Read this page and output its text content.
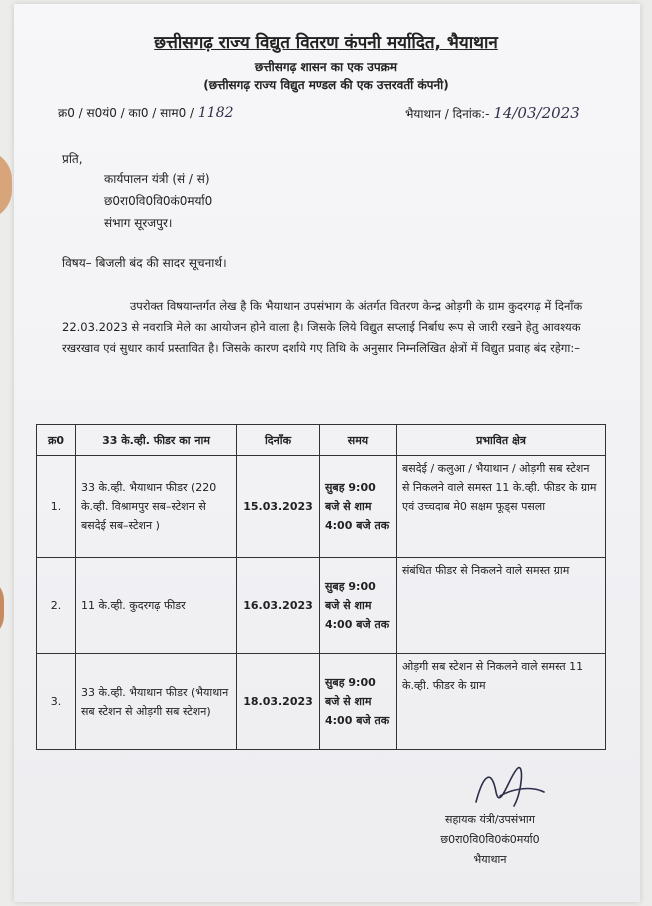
छत्तीसगढ़ राज्य विद्युत वितरण कंपनी मर्यादित, भैयाथान
छत्तीसगढ़ शासन का एक उपक्रम
(छत्तीसगढ़ राज्य विद्युत मण्डल की एक उत्तरवर्ती कंपनी)
क्र0 / स0यं0 / का0 / साम0 / 1182	भैयाथान / दिनांक:- 14/03/2023
प्रति,
कार्यपालन यंत्री (सं / सं)
छ0रा0वि0वि0कं0मर्या0
संभाग सूरजपुर।
विषय– बिजली बंद की सादर सूचनार्थ।

उपरोक्त विषयान्तर्गत लेख है कि भैयाथान उपसंभाग के अंतर्गत वितरण केन्द्र ओड़गी के ग्राम कुदरगढ़ में दिनाँक 22.03.2023 से नवरात्रि मेले का आयोजन होने वाला है। जिसके लिये विद्युत सप्लाई निर्बाध रूप से जारी रखने हेतु आवश्यक रखरखाव एवं सुधार कार्य प्रस्तावित है। जिसके कारण दर्शाये गए तिथि के अनुसार निम्नलिखित क्षेत्रों में विद्युत प्रवाह बंद रहेगा:–

क्र0	33 के.व्ही. फीडर का नाम	दिनाँक	समय	प्रभावित क्षेत्र
1.	33 के.व्ही. भैयाथान फीडर (220 के.व्ही. विश्रामपुर सब–स्टेशन से बसदेई सब–स्टेशन )	15.03.2023	सुबह 9:00 बजे से शाम 4:00 बजे तक	बसदेई / कलुआ / भैयाथान / ओड़गी सब स्टेशन से निकलने वाले समस्त 11 के.व्ही. फीडर के ग्राम एवं उच्चदाब मे0 सक्षम फूड्स पसला
2.	11 के.व्ही. कुदरगढ़ फीडर	16.03.2023	सुबह 9:00 बजे से शाम 4:00 बजे तक	संबंधित फीडर से निकलने वाले समस्त ग्राम
3.	33 के.व्ही. भैयाथान फीडर (भैयाथान सब स्टेशन से ओड़गी सब स्टेशन)	18.03.2023	सुबह 9:00 बजे से शाम 4:00 बजे तक	ओड़गी सब स्टेशन से निकलने वाले समस्त 11 के.व्ही. फीडर के ग्राम
सहायक यंत्री/उपसंभाग
छ0रा0वि0वि0कं0मर्या0
भैयाथान
